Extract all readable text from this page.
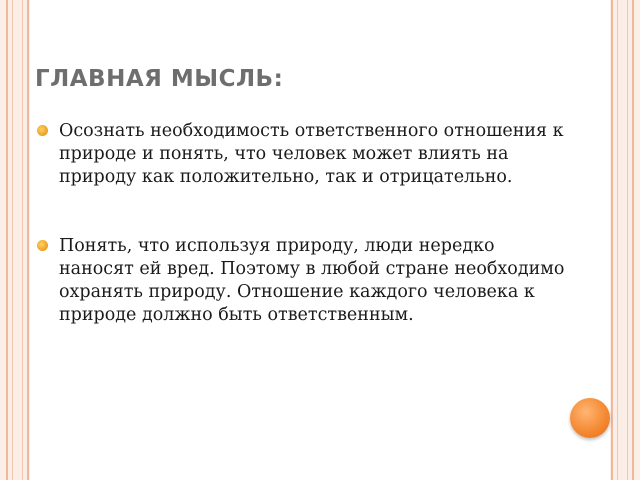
ГЛАВНАЯ МЫСЛЬ:
Осознать необходимость ответственного отношения к природе и понять, что человек может влиять на природу как положительно, так и отрицательно.
Понять, что используя природу, люди нередко наносят ей вред. Поэтому в любой стране необходимо охранять природу. Отношение каждого человека к природе должно быть ответственным.
